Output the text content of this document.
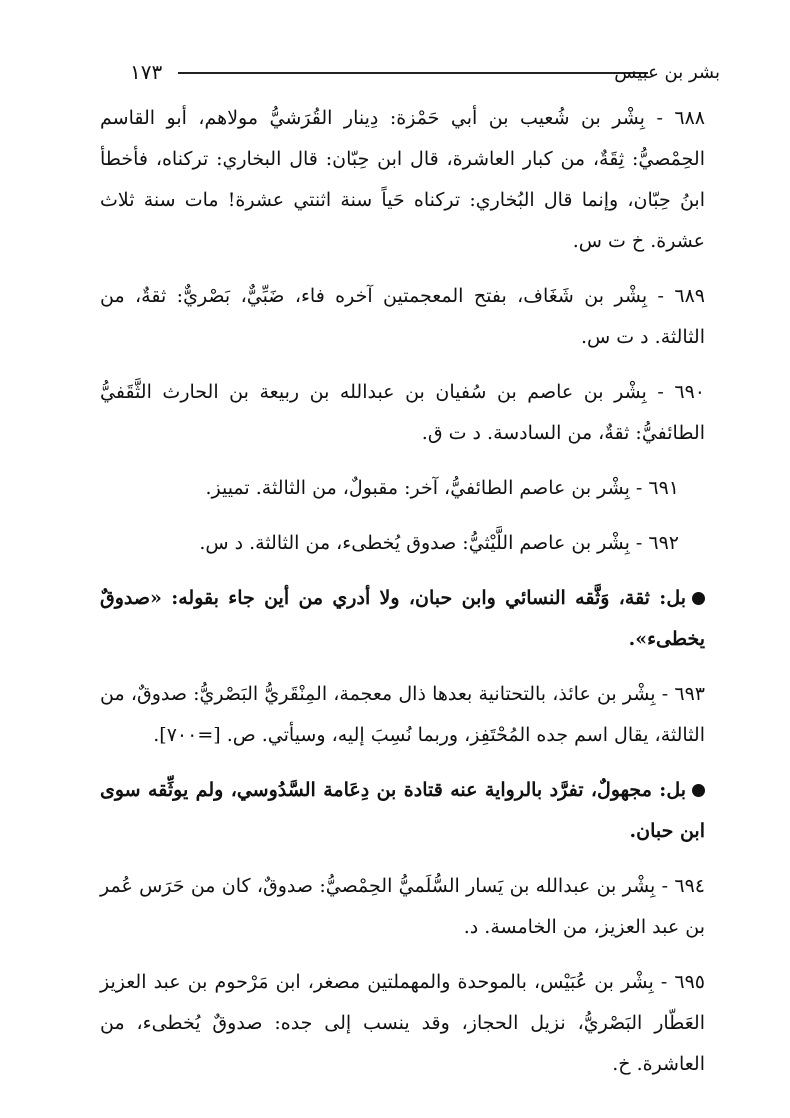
١٧٣	بشر بن عبيس

٦٨٨ - بِشْر بن شُعيب بن أبي حَمْزة: دِينار القُرَشيُّ مولاهم، أبو القاسم الحِمْصيُّ: ثِقَةٌ، من كبار العاشرة، قال ابن حِبّان: قال البخاري: تركناه، فأخطأ ابنُ حِبّان، وإنما قال البُخاري: تركناه حَياً سنة اثنتي عشرة! مات سنة ثلاث عشرة. خ ت س.

٦٨٩ - بِشْر بن شَغَاف، بفتح المعجمتين آخره فاء، ضَبِّيٌّ، بَصْريٌّ: ثقةٌ، من الثالثة. د ت س.

٦٩٠ - بِشْر بن عاصم بن سُفيان بن عبدالله بن ربيعة بن الحارث الثَّقَفيُّ الطائفيُّ: ثقةٌ، من السادسة. د ت ق.

٦٩١ - بِشْر بن عاصم الطائفيُّ، آخر: مقبولٌ، من الثالثة. تمييز.

٦٩٢ - بِشْر بن عاصم اللَّيْثيُّ: صدوق يُخطىء، من الثالثة. د س.

بل: ثقة، وَثَّقه النسائي وابن حبان، ولا أدري من أين جاء بقوله: «صدوقٌ يخطىء».

٦٩٣ - بِشْر بن عائذ، بالتحتانية بعدها ذال معجمة، المِنْقَريُّ البَصْريُّ: صدوقٌ، من الثالثة، يقال اسم جده المُحْتَفِز، وربما نُسِبَ إليه، وسيأتي. ص. [=٧٠٠].

بل: مجهولٌ، تفرَّد بالرواية عنه قتادة بن دِعَامة السَّدُوسي، ولم يوثِّقه سوى ابن حبان.

٦٩٤ - بِشْر بن عبدالله بن يَسار السُّلَميُّ الحِمْصيُّ: صدوقٌ، كان من حَرَس عُمر بن عبد العزيز، من الخامسة. د.

٦٩٥ - بِشْر بن عُبَيْس، بالموحدة والمهملتين مصغر، ابن مَرْحوم بن عبد العزيز العَطّار البَصْريُّ، نزيل الحجاز، وقد ينسب إلى جده: صدوقٌ يُخطىء، من العاشرة. خ.
